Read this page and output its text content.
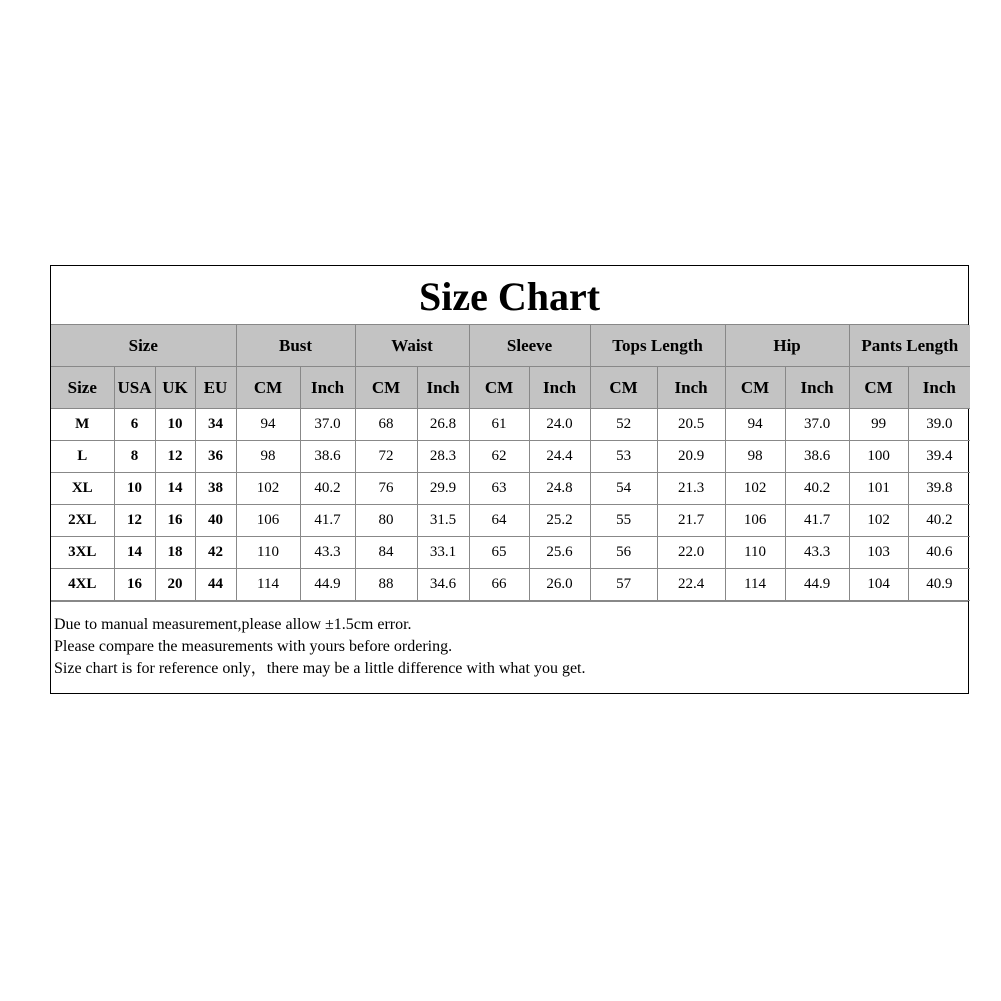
Size Chart
Size				Bust		Waist		Sleeve		Tops Length		Hip		Pants Length	
Size	USA	UK	EU	CM	Inch	CM	Inch	CM	Inch	CM	Inch	CM	Inch	CM	Inch
M	6	10	34	94	37.0	68	26.8	61	24.0	52	20.5	94	37.0	99	39.0
L	8	12	36	98	38.6	72	28.3	62	24.4	53	20.9	98	38.6	100	39.4
XL	10	14	38	102	40.2	76	29.9	63	24.8	54	21.3	102	40.2	101	39.8
2XL	12	16	40	106	41.7	80	31.5	64	25.2	55	21.7	106	41.7	102	40.2
3XL	14	18	42	110	43.3	84	33.1	65	25.6	56	22.0	110	43.3	103	40.6
4XL	16	20	44	114	44.9	88	34.6	66	26.0	57	22.4	114	44.9	104	40.9

Due to manual measurement,please allow ±1.5cm error.

Please compare the measurements with yours before ordering.

Size chart is for reference only，there may be a little difference with what you get.
